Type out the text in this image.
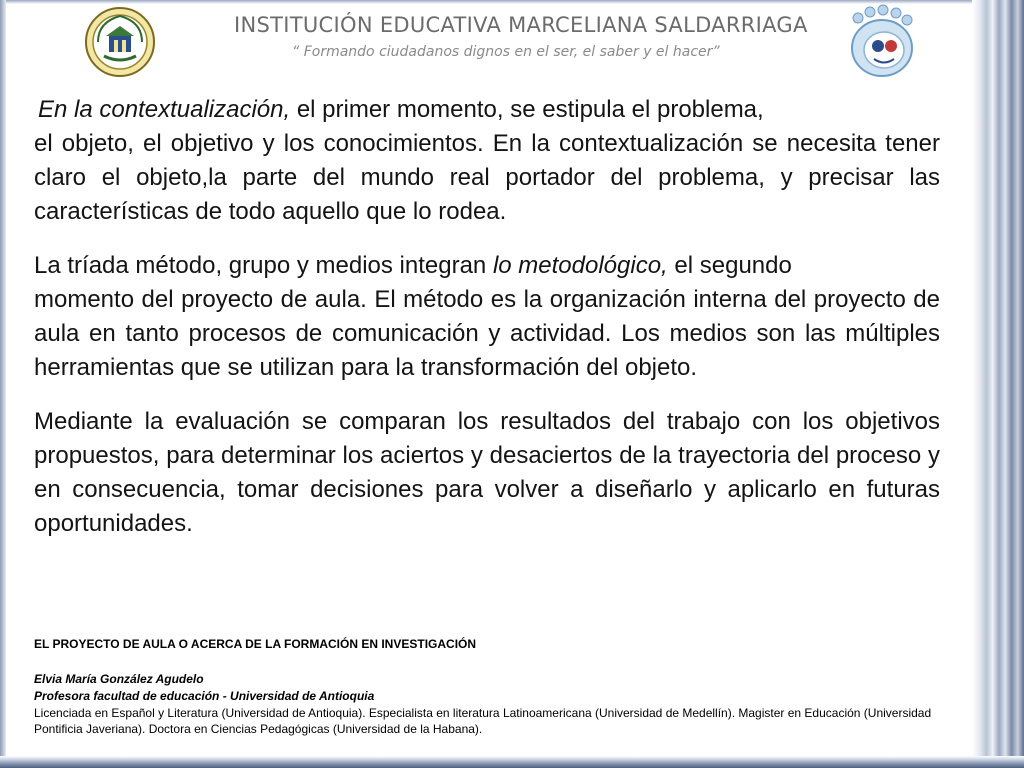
INSTITUCIÓN EDUCATIVA MARCELIANA SALDARRIAGA
“ Formando ciudadanos dignos en el ser, el saber y el hacer”
En la contextualización, el primer momento, se estipula el problema,
el objeto, el objetivo y los conocimientos. En la contextualización se necesita tener claro el objeto,la parte del mundo real portador del problema, y precisar las características de todo aquello que lo rodea.
La tríada método, grupo y medios integran lo metodológico, el segundo
momento del proyecto de aula. El método es la organización interna del proyecto de aula en tanto procesos de comunicación y actividad. Los medios son las múltiples herramientas que se utilizan para la transformación del objeto.
Mediante la evaluación se comparan los resultados del trabajo con los objetivos propuestos, para determinar los aciertos y desaciertos de la trayectoria del proceso y en consecuencia, tomar decisiones para volver a diseñarlo y aplicarlo en futuras oportunidades.
EL PROYECTO DE AULA O ACERCA DE LA FORMACIÓN EN INVESTIGACIÓN
Elvia María González Agudelo
Profesora facultad de educación - Universidad de Antioquia
Licenciada en Español y Literatura (Universidad de Antioquia). Especialista en literatura Latinoamericana (Universidad de Medellín). Magister en Educación (Universidad Pontificia Javeriana). Doctora en Ciencias Pedagógicas (Universidad de la Habana).
